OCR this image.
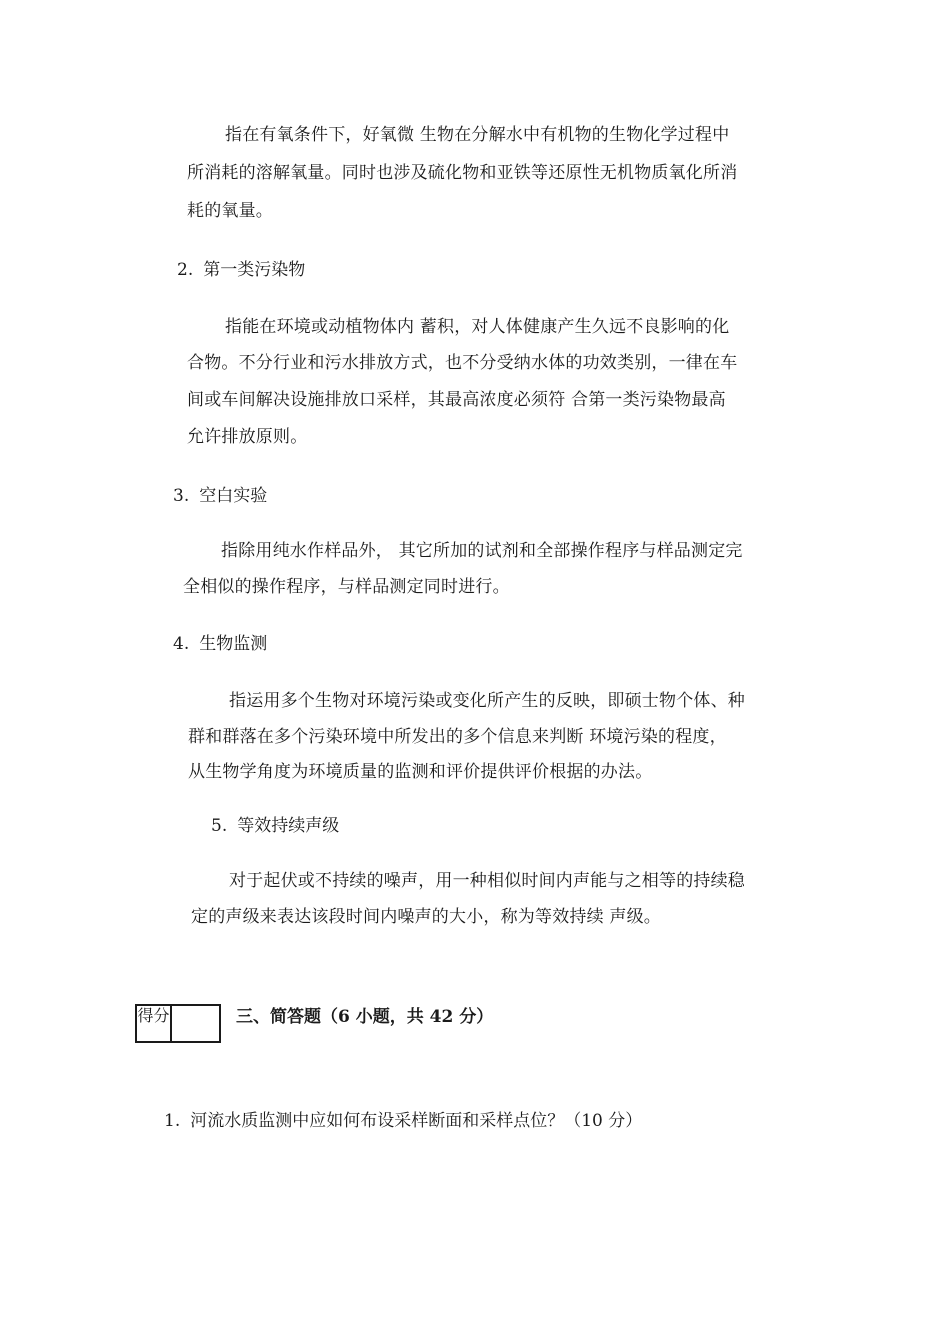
指在有氧条件下，好氧微 生物在分解水中有机物的生物化学过程中
所消耗的溶解氧量。同时也涉及硫化物和亚铁等还原性无机物质氧化所消
耗的氧量。
2. 第一类污染物
指能在环境或动植物体内 蓄积，对人体健康产生久远不良影响的化
合物。不分行业和污水排放方式，也不分受纳水体的功效类别，一律在车
间或车间解决设施排放口采样，其最高浓度必须符 合第一类污染物最高
允许排放原则。
3. 空白实验
指除用纯水作样品外， 其它所加的试剂和全部操作程序与样品测定完
全相似的操作程序，与样品测定同时进行。
4. 生物监测
指运用多个生物对环境污染或变化所产生的反映，即硕士物个体、种
群和群落在多个污染环境中所发出的多个信息来判断 环境污染的程度，
从生物学角度为环境质量的监测和评价提供评价根据的办法。
5. 等效持续声级
对于起伏或不持续的噪声，用一种相似时间内声能与之相等的持续稳
定的声级来表达该段时间内噪声的大小，称为等效持续 声级。
得分	三、简答题（6 小题，共 42 分）
1. 河流水质监测中应如何布设采样断面和采样点位？（10 分）
